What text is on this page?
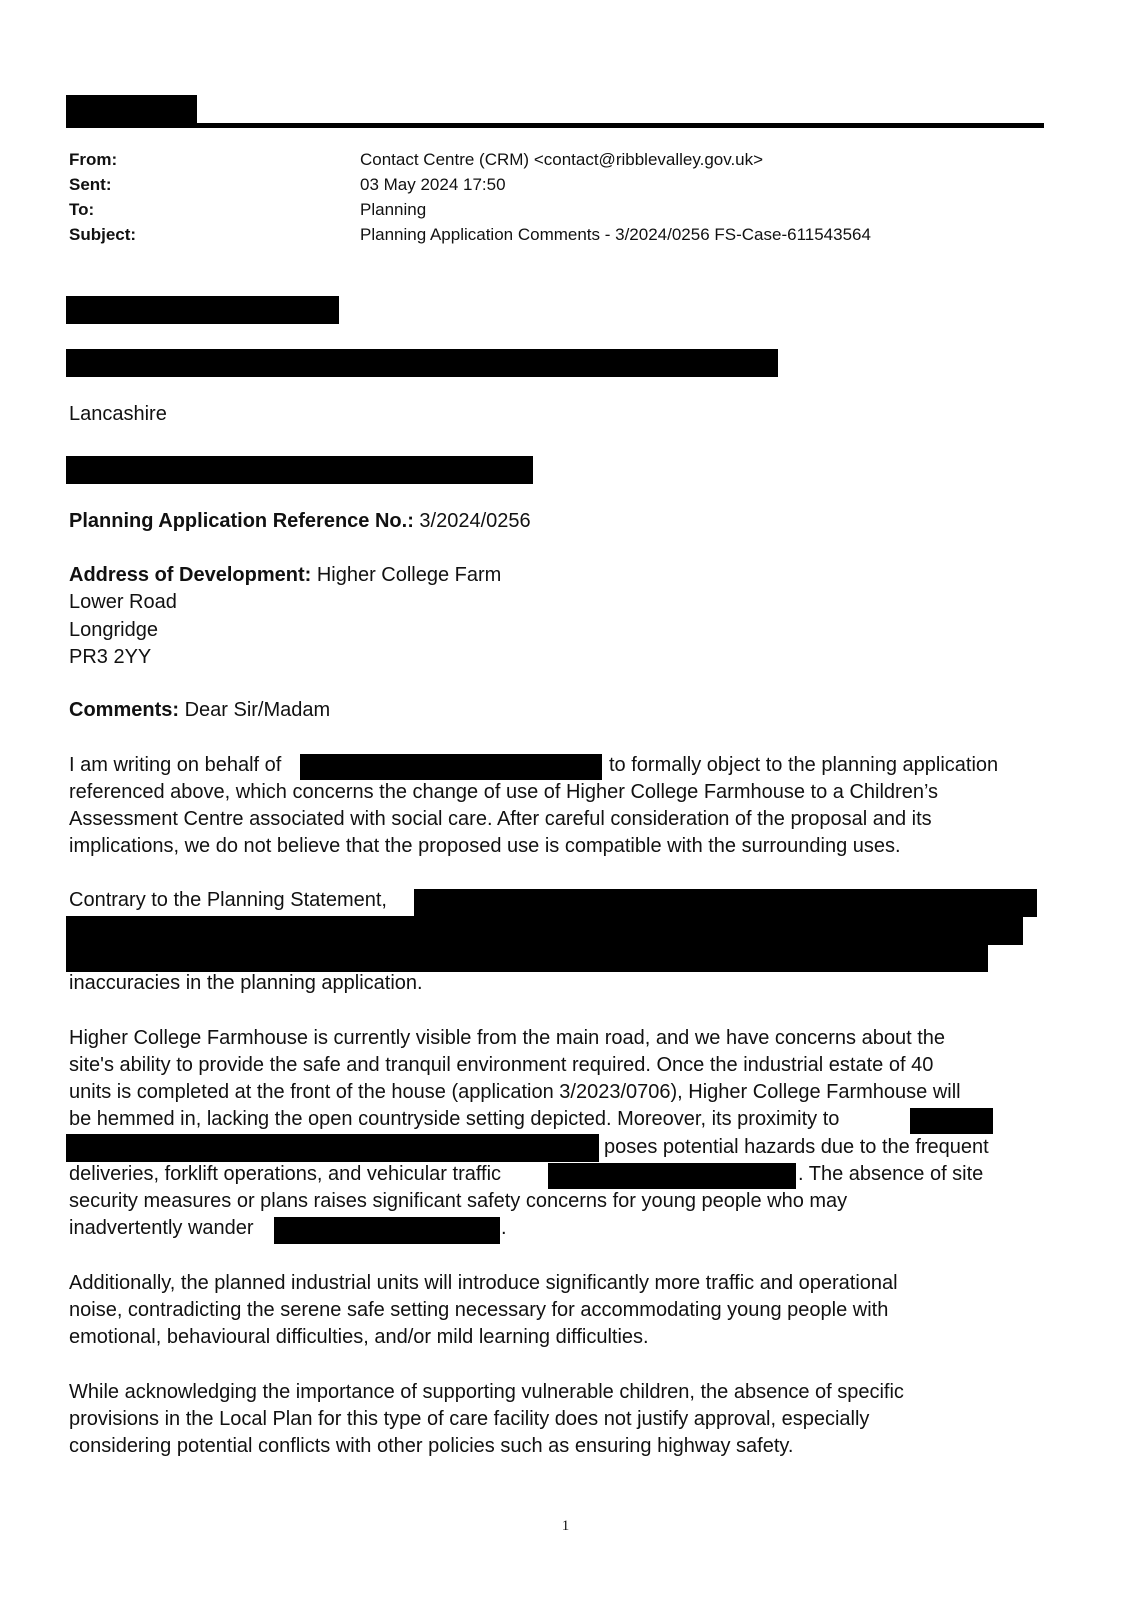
From:	Contact Centre (CRM) <contact@ribblevalley.gov.uk>
Sent:	03 May 2024 17:50
To:	Planning
Subject:	Planning Application Comments - 3/2024/0256 FS-Case-611543564
Lancashire
Planning Application Reference No.: 3/2024/0256
Address of Development: Higher College Farm
Lower Road
Longridge
PR3 2YY
Comments: Dear Sir/Madam
I am writing on behalf of	to formally object to the planning application
referenced above, which concerns the change of use of Higher College Farmhouse to a Children’s
Assessment Centre associated with social care. After careful consideration of the proposal and its
implications, we do not believe that the proposed use is compatible with the surrounding uses.
Contrary to the Planning Statement,
inaccuracies in the planning application.
Higher College Farmhouse is currently visible from the main road, and we have concerns about the
site's ability to provide the safe and tranquil environment required. Once the industrial estate of 40
units is completed at the front of the house (application 3/2023/0706), Higher College Farmhouse will
be hemmed in, lacking the open countryside setting depicted. Moreover, its proximity to
poses potential hazards due to the frequent
deliveries, forklift operations, and vehicular traffic	. The absence of site
security measures or plans raises significant safety concerns for young people who may
inadvertently wander	.
Additionally, the planned industrial units will introduce significantly more traffic and operational
noise, contradicting the serene safe setting necessary for accommodating young people with
emotional, behavioural difficulties, and/or mild learning difficulties.
While acknowledging the importance of supporting vulnerable children, the absence of specific
provisions in the Local Plan for this type of care facility does not justify approval, especially
considering potential conflicts with other policies such as ensuring highway safety.
1
